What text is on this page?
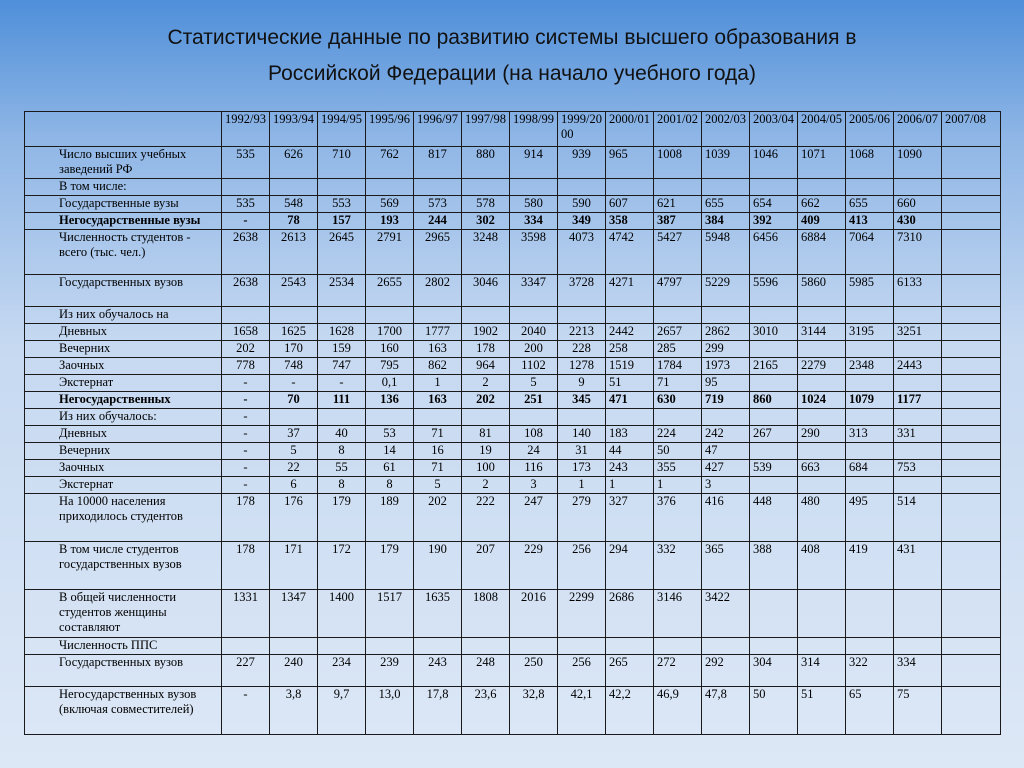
Статистические данные по развитию системы высшего образования в
Российской Федерации (на начало учебного года)
	1992/93	1993/94	1994/95	1995/96	1996/97	1997/98	1998/99	1999/2000	2000/01	2001/02	2002/03	2003/04	2004/05	2005/06	2006/07	2007/08
Число высших учебных заведений РФ	535	626	710	762	817	880	914	939	965	1008	1039	1046	1071	1068	1090	
В том числе:																
Государственные вузы	535	548	553	569	573	578	580	590	607	621	655	654	662	655	660	
Негосударственные вузы	-	78	157	193	244	302	334	349	358	387	384	392	409	413	430	
Численность студентов - всего (тыс. чел.)	2638	2613	2645	2791	2965	3248	3598	4073	4742	5427	5948	6456	6884	7064	7310	
Государственных вузов	2638	2543	2534	2655	2802	3046	3347	3728	4271	4797	5229	5596	5860	5985	6133	
Из них обучалось на																
Дневных	1658	1625	1628	1700	1777	1902	2040	2213	2442	2657	2862	3010	3144	3195	3251	
Вечерних	202	170	159	160	163	178	200	228	258	285	299					
Заочных	778	748	747	795	862	964	1102	1278	1519	1784	1973	2165	2279	2348	2443	
Экстернат	-	-	-	0,1	1	2	5	9	51	71	95					
Негосударственных	-	70	111	136	163	202	251	345	471	630	719	860	1024	1079	1177	
Из них обучалось:	-															
Дневных	-	37	40	53	71	81	108	140	183	224	242	267	290	313	331	
Вечерних	-	5	8	14	16	19	24	31	44	50	47					
Заочных	-	22	55	61	71	100	116	173	243	355	427	539	663	684	753	
Экстернат	-	6	8	8	5	2	3	1	1	1	3					
На 10000 населения приходилось студентов	178	176	179	189	202	222	247	279	327	376	416	448	480	495	514	
В том числе студентов государственных вузов	178	171	172	179	190	207	229	256	294	332	365	388	408	419	431	
В общей численности студентов женщины составляют	1331	1347	1400	1517	1635	1808	2016	2299	2686	3146	3422					
Численность ППС																
Государственных вузов	227	240	234	239	243	248	250	256	265	272	292	304	314	322	334	
Негосударственных вузов (включая совместителей)	-	3,8	9,7	13,0	17,8	23,6	32,8	42,1	42,2	46,9	47,8	50	51	65	75	
